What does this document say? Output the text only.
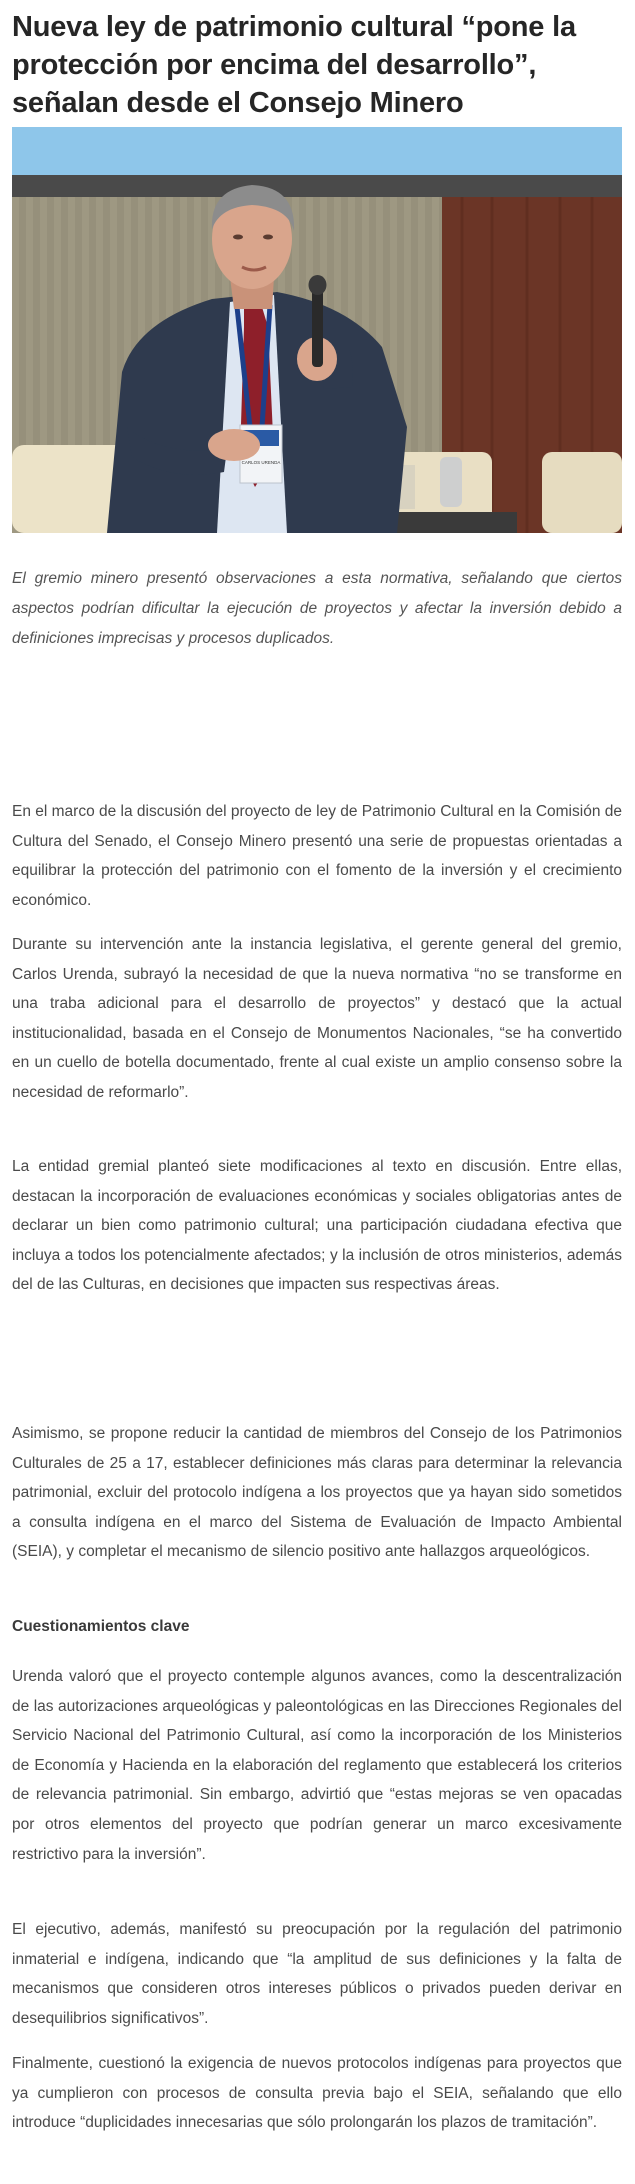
Nueva ley de patrimonio cultural “pone la protección por encima del desarrollo”, señalan desde el Consejo Minero
CARLOS URENDA

El gremio minero presentó observaciones a esta normativa, señalando que ciertos aspectos podrían dificultar la ejecución de proyectos y afectar la inversión debido a definiciones imprecisas y procesos duplicados.

En el marco de la discusión del proyecto de ley de Patrimonio Cultural en la Comisión de Cultura del Senado, el Consejo Minero presentó una serie de propuestas orientadas a equilibrar la protección del patrimonio con el fomento de la inversión y el crecimiento económico.

Durante su intervención ante la instancia legislativa, el gerente general del gremio, Carlos Urenda, subrayó la necesidad de que la nueva normativa “no se transforme en una traba adicional para el desarrollo de proyectos” y destacó que la actual institucionalidad, basada en el Consejo de Monumentos Nacionales, “se ha convertido en un cuello de botella documentado, frente al cual existe un amplio consenso sobre la necesidad de reformarlo”.

La entidad gremial planteó siete modificaciones al texto en discusión. Entre ellas, destacan la incorporación de evaluaciones económicas y sociales obligatorias antes de declarar un bien como patrimonio cultural; una participación ciudadana efectiva que incluya a todos los potencialmente afectados; y la inclusión de otros ministerios, además del de las Culturas, en decisiones que impacten sus respectivas áreas.

Asimismo, se propone reducir la cantidad de miembros del Consejo de los Patrimonios Culturales de 25 a 17, establecer definiciones más claras para determinar la relevancia patrimonial, excluir del protocolo indígena a los proyectos que ya hayan sido sometidos a consulta indígena en el marco del Sistema de Evaluación de Impacto Ambiental (SEIA), y completar el mecanismo de silencio positivo ante hallazgos arqueológicos.

Cuestionamientos clave

Urenda valoró que el proyecto contemple algunos avances, como la descentralización de las autorizaciones arqueológicas y paleontológicas en las Direcciones Regionales del Servicio Nacional del Patrimonio Cultural, así como la incorporación de los Ministerios de Economía y Hacienda en la elaboración del reglamento que establecerá los criterios de relevancia patrimonial. Sin embargo, advirtió que “estas mejoras se ven opacadas por otros elementos del proyecto que podrían generar un marco excesivamente restrictivo para la inversión”.

El ejecutivo, además, manifestó su preocupación por la regulación del patrimonio inmaterial e indígena, indicando que “la amplitud de sus definiciones y la falta de mecanismos que consideren otros intereses públicos o privados pueden derivar en desequilibrios significativos”.

Finalmente, cuestionó la exigencia de nuevos protocolos indígenas para proyectos que ya cumplieron con procesos de consulta previa bajo el SEIA, señalando que ello introduce “duplicidades innecesarias que sólo prolongarán los plazos de tramitación”.
